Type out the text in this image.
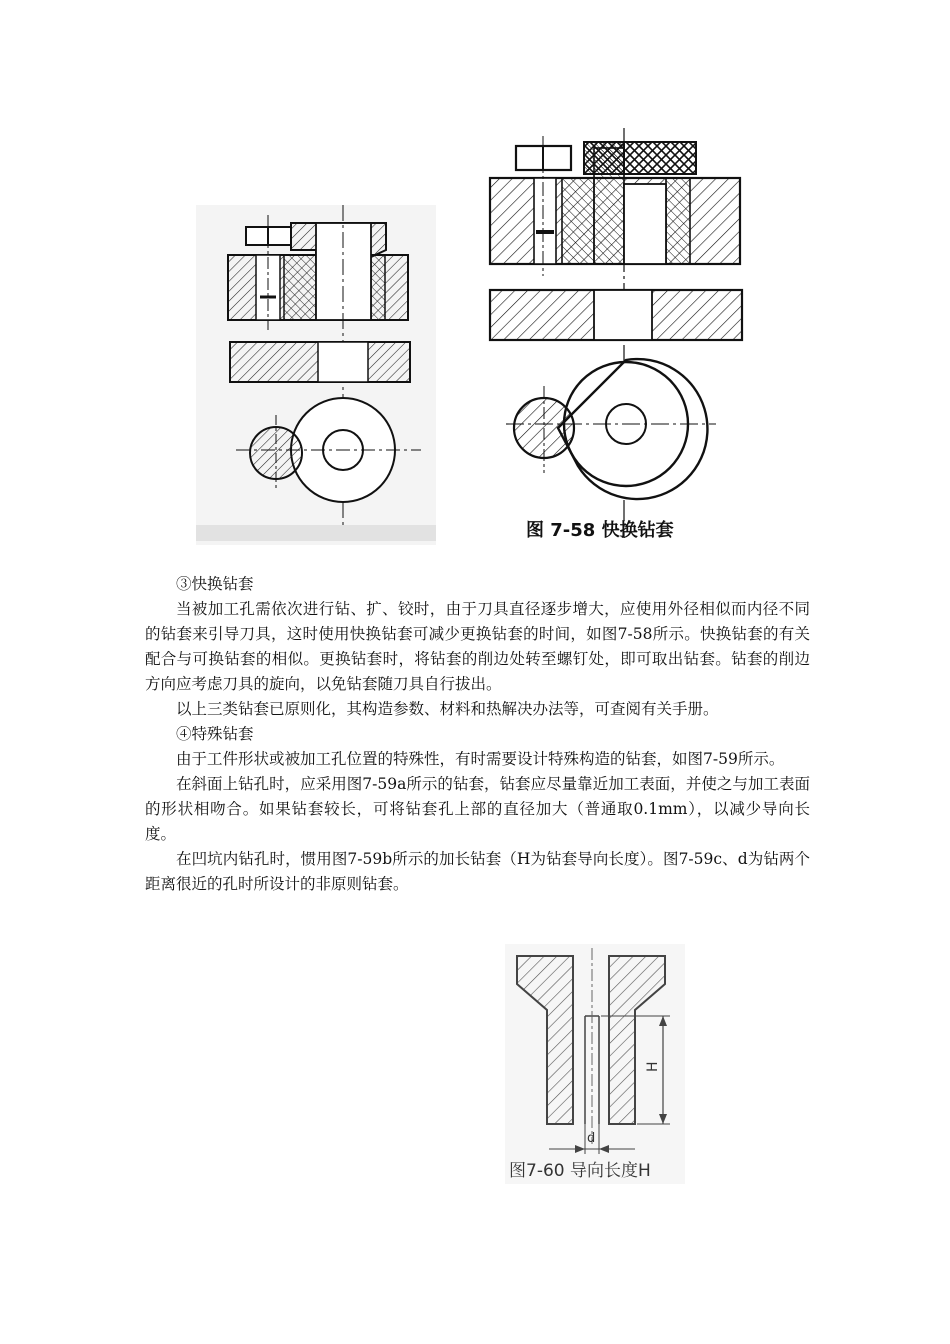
图 7-58 快换钻套

③快换钻套

当被加工孔需依次进行钻、扩、铰时，由于刀具直径逐步增大，应使用外径相似而内径不同的钻套来引导刀具，这时使用快换钻套可减少更换钻套的时间，如图7-58所示。快换钻套的有关配合与可换钻套的相似。更换钻套时，将钻套的削边处转至螺钉处，即可取出钻套。钻套的削边方向应考虑刀具的旋向，以免钻套随刀具自行拔出。

以上三类钻套已原则化，其构造参数、材料和热解决办法等，可查阅有关手册。

④特殊钻套

由于工件形状或被加工孔位置的特殊性，有时需要设计特殊构造的钻套，如图7-59所示。

在斜面上钻孔时，应采用图7-59a所示的钻套，钻套应尽量靠近加工表面，并使之与加工表面的形状相吻合。如果钻套较长，可将钻套孔上部的直径加大（普通取0.1mm），以减少导向长度。

在凹坑内钻孔时，惯用图7-59b所示的加长钻套（H为钻套导向长度）。图7-59c、d为钻两个距离很近的孔时所设计的非原则钻套。

H
d
图7-60 导向长度H
